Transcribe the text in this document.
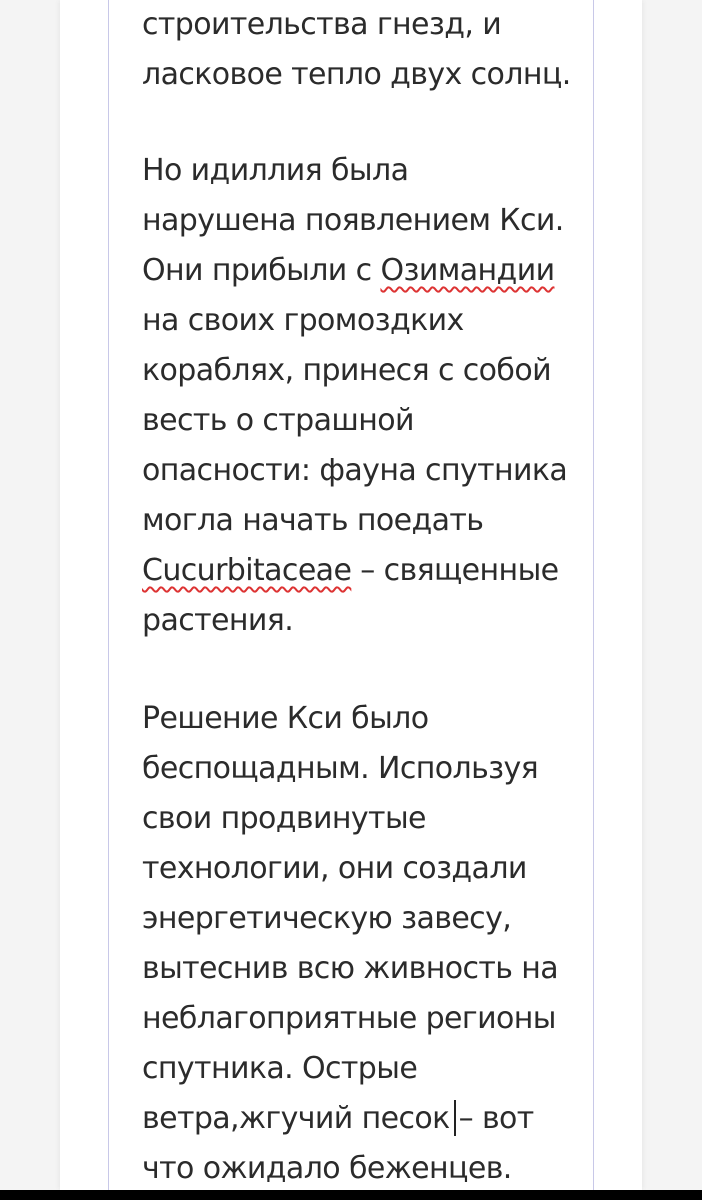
строительства гнезд, и
ласковое тепло двух солнц.
Но идиллия была
нарушена появлением Кси.
Они прибыли с Озимандии
на своих громоздких
кораблях, принеся с собой
весть о страшной
опасности: фауна спутника
могла начать поедать
Cucurbitaceae – священные
растения.
Решение Кси было
беспощадным. Используя
свои продвинутые
технологии, они создали
энергетическую завесу,
вытеснив всю живность на
неблагоприятные регионы
спутника. Острые
ветра,жгучий песок – вот
что ожидало беженцев.
